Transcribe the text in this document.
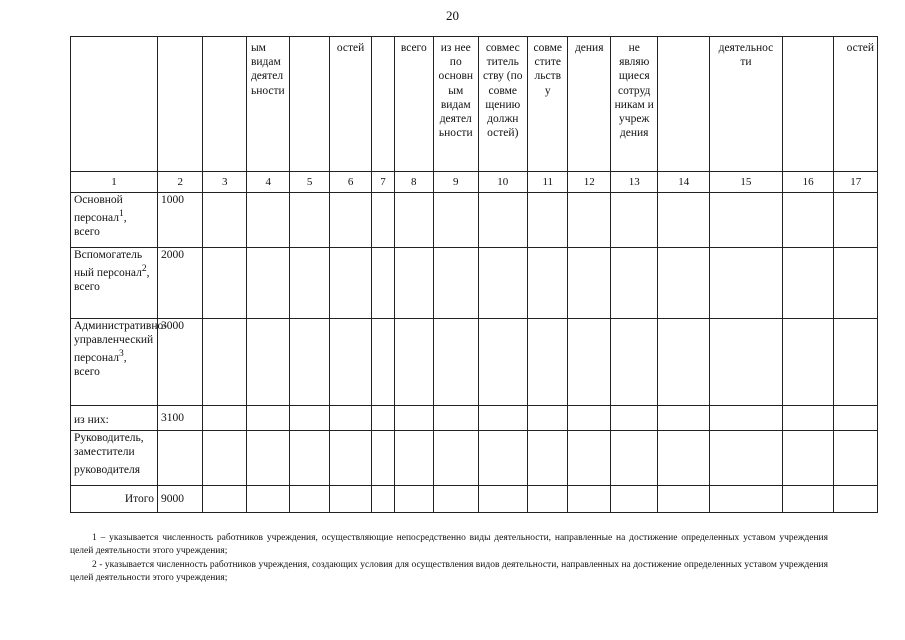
20
			ым видам деятел ьности		остей		всего	из нее по основн ым видам деятел ьности	совмес титель ству (по совме щению должн остей)	совме стите льств у	дения	не являю щиеся сотруд никам и учреж дения		деятельнос ти		остей
1	2	3	4	5	6	7	8	9	10	11	12	13	14	15	16	17
Основной персонал$^1$, всего	1000															
Вспомогатель ный персонал$^2$, всего	2000															
Административно- управленческий персонал$^3$, всего	3000															
из них:	3100															
Руководитель, заместители руководителя																
Итого	9000															

1 – указывается численность работников учреждения, осуществляющие непосредственно виды деятельности, направленные на достижение определенных уставом учреждения целей деятельности этого учреждения;

2 - указывается численность работников учреждения, создающих условия для осуществления видов деятельности, направленных на достижение определенных уставом учреждения целей деятельности этого учреждения;
